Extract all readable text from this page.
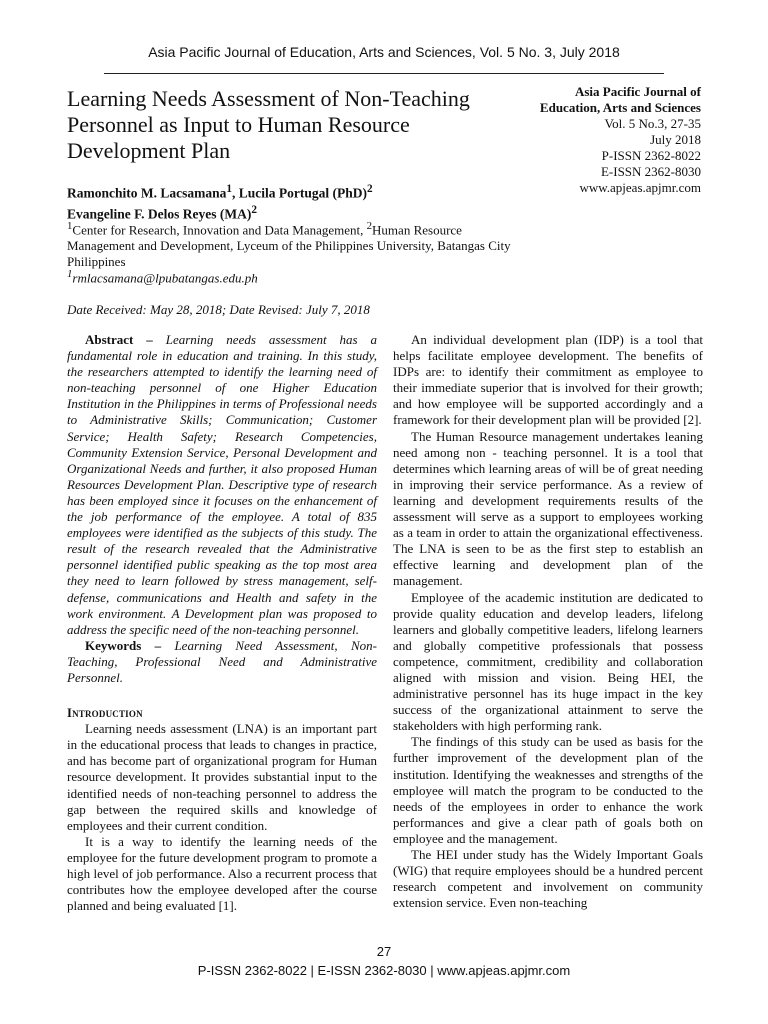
Asia Pacific Journal of Education, Arts and Sciences, Vol. 5 No. 3, July 2018
Learning Needs Assessment of Non-Teaching Personnel as Input to Human Resource Development Plan
Asia Pacific Journal of
Education, Arts and Sciences
Vol. 5 No.3, 27-35
July 2018
P-ISSN 2362-8022
E-ISSN 2362-8030
www.apjeas.apjmr.com
Ramonchito M. Lacsamana$^1$, Lucila Portugal (PhD)$^2$
Evangeline F. Delos Reyes (MA)$^2$
$^1$Center for Research, Innovation and Data Management, $^2$Human Resource Management and Development, Lyceum of the Philippines University, Batangas City Philippines
$^1$rmlacsamana@lpubatangas.edu.ph
Date Received: May 28, 2018; Date Revised: July 7, 2018

Abstract – Learning needs assessment has a fundamental role in education and training. In this study, the researchers attempted to identify the learning need of non-teaching personnel of one Higher Education Institution in the Philippines in terms of Professional needs to Administrative Skills; Communication; Customer Service; Health Safety; Research Competencies, Community Extension Service, Personal Development and Organizational Needs and further, it also proposed Human Resources Development Plan. Descriptive type of research has been employed since it focuses on the enhancement of the job performance of the employee. A total of 835 employees were identified as the subjects of this study. The result of the research revealed that the Administrative personnel identified public speaking as the top most area they need to learn followed by stress management, self-defense, communications and Health and safety in the work environment. A Development plan was proposed to address the specific need of the non-teaching personnel.

Keywords – Learning Need Assessment, Non-Teaching, Professional Need and Administrative Personnel.

Introduction

Learning needs assessment (LNA) is an important part in the educational process that leads to changes in practice, and has become part of organizational program for Human resource development. It provides substantial input to the identified needs of non-teaching personnel to address the gap between the required skills and knowledge of employees and their current condition.

It is a way to identify the learning needs of the employee for the future development program to promote a high level of job performance. Also a recurrent process that contributes how the employee developed after the course planned and being evaluated [1].

An individual development plan (IDP) is a tool that helps facilitate employee development. The benefits of IDPs are: to identify their commitment as employee to their immediate superior that is involved for their growth; and how employee will be supported accordingly and a framework for their development plan will be provided [2].

The Human Resource management undertakes leaning need among non - teaching personnel. It is a tool that determines which learning areas of will be of great needing in improving their service performance. As a review of learning and development requirements results of the assessment will serve as a support to employees working as a team in order to attain the organizational effectiveness. The LNA is seen to be as the first step to establish an effective learning and development plan of the management.

Employee of the academic institution are dedicated to provide quality education and develop leaders, lifelong learners and globally competitive leaders, lifelong learners and globally competitive professionals that possess competence, commitment, credibility and collaboration aligned with mission and vision. Being HEI, the administrative personnel has its huge impact in the key success of the organizational attainment to serve the stakeholders with high performing rank.

The findings of this study can be used as basis for the further improvement of the development plan of the institution. Identifying the weaknesses and strengths of the employee will match the program to be conducted to the needs of the employees in order to enhance the work performances and give a clear path of goals both on employee and the management.

The HEI under study has the Widely Important Goals (WIG) that require employees should be a hundred percent research competent and involvement on community extension service. Even non-teaching

27
P-ISSN 2362-8022 | E-ISSN 2362-8030 | www.apjeas.apjmr.com
